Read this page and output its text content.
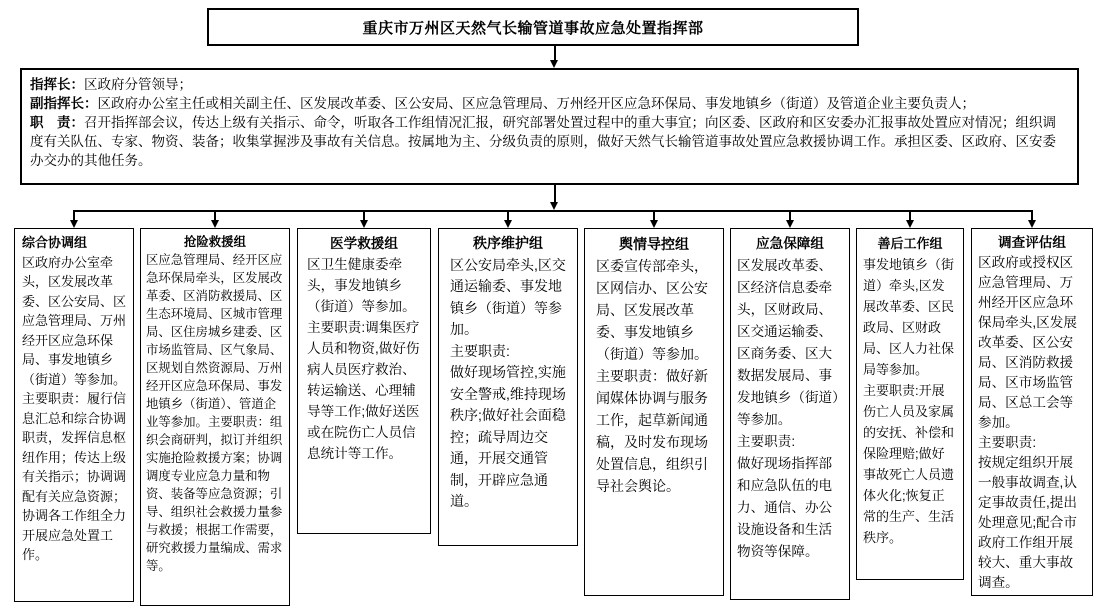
重庆市万州区天然气长输管道事故应急处置指挥部
指挥长：区政府分管领导；
副指挥长：区政府办公室主任或相关副主任、区发展改革委、区公安局、区应急管理局、万州经开区应急环保局、事发地镇乡（街道）及管道企业主要负责人；
职　责：召开指挥部会议，传达上级有关指示、命令，听取各工作组情况汇报，研究部署处置过程中的重大事宜；向区委、区政府和区安委办汇报事故处置应对情况；组织调度有关队伍、专家、物资、装备；收集掌握涉及事故有关信息。按属地为主、分级负责的原则，做好天然气长输管道事故处置应急救援协调工作。承担区委、区政府、区安委办交办的其他任务。
综合协调组
区政府办公室牵头，区发展改革委、区公安局、区应急管理局、万州经开区应急环保局、事发地镇乡（街道）等参加。
主要职责：履行信息汇总和综合协调职责，发挥信息枢纽作用；传达上级有关指示；协调调配有关应急资源；协调各工作组全力开展应急处置工作。
抢险救援组
区应急管理局、经开区应急环保局牵头，区发展改革委、区消防救援局、区生态环境局、区城市管理局、区住房城乡建委、区市场监管局、区气象局、区规划自然资源局、万州经开区应急环保局、事发地镇乡（街道）、管道企业等参加。主要职责：组织会商研判，拟订并组织实施抢险救援方案；协调调度专业应急力量和物资、装备等应急资源；引导、组织社会救援力量参与救援；根据工作需要，研究救援力量编成、需求等。
医学救援组
区卫生健康委牵头，事发地镇乡（街道）等参加。
主要职责:调集医疗人员和物资,做好伤病人员医疗救治、转运输送、心理辅导等工作;做好送医或在院伤亡人员信息统计等工作。
秩序维护组
区公安局牵头,区交通运输委、事发地镇乡（街道）等参加。
主要职责:
做好现场管控,实施安全警戒,维持现场秩序;做好社会面稳控；疏导周边交通，开展交通管制，开辟应急通道。
舆情导控组
区委宣传部牵头，区网信办、区公安局、区发展改革委、事发地镇乡（街道）等参加。主要职责：做好新闻媒体协调与服务工作，起草新闻通稿，及时发布现场处置信息，组织引导社会舆论。
应急保障组
区发展改革委、区经济信息委牵头，区财政局、区交通运输委、区商务委、区大数据发展局、事发地镇乡（街道）等参加。
主要职责:
做好现场指挥部和应急队伍的电力、通信、办公设施设备和生活物资等保障。
善后工作组
事发地镇乡（街道）牵头,区发展改革委、区民政局、区财政局、区人力社保局等参加。
主要职责:开展伤亡人员及家属的安抚、补偿和保险理赔;做好事故死亡人员遗体火化;恢复正常的生产、生活秩序。
调查评估组
区政府或授权区应急管理局、万州经开区应急环保局牵头,区发展改革委、区公安局、区消防救援局、区市场监管局、区总工会等参加。
主要职责:
按规定组织开展一般事故调查,认定事故责任,提出处理意见;配合市政府工作组开展较大、重大事故调查。
